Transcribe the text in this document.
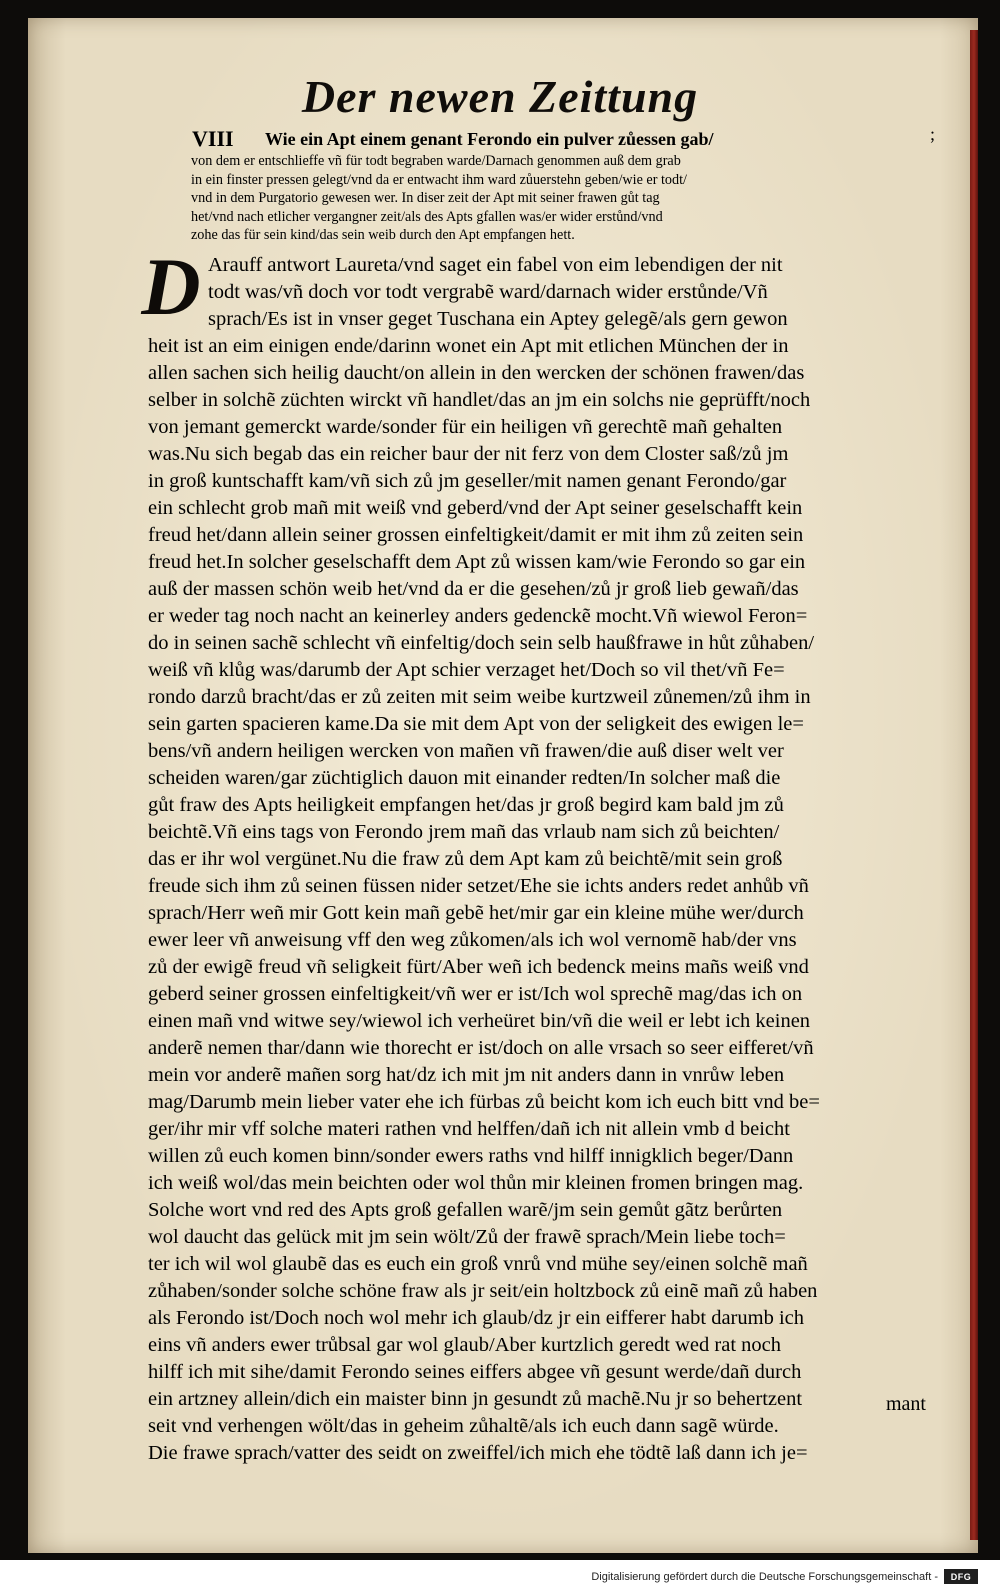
Der newen Zeittung
;
VIII	Wie ein Apt einem genant Ferondo ein pulver zůessen gab/
von dem er entschlieffe vñ für todt begraben warde/Darnach genommen auß dem grab
in ein finster pressen gelegt/vnd da er entwacht ihm ward zůuerstehn geben/wie er todt/
vnd in dem Purgatorio gewesen wer. In diser zeit der Apt mit seiner frawen gůt tag
het/vnd nach etlicher vergangner zeit/als des Apts gfallen was/er wider erstůnd/vnd
zohe das für sein kind/das sein weib durch den Apt empfangen hett.
D Arauff antwort Laureta/vnd saget ein fabel von eim lebendigen der nit
todt was/vñ doch vor todt vergrabẽ ward/darnach wider erstůnde/Vñ
sprach/Es ist in vnser geget Tuschana ein Aptey gelegẽ/als gern gewon
heit ist an eim einigen ende/darinn wonet ein Apt mit etlichen München der in
allen sachen sich heilig daucht/on allein in den wercken der schönen frawen/das
selber in solchẽ züchten wirckt vñ handlet/das an jm ein solchs nie geprüfft/noch
von jemant gemerckt warde/sonder für ein heiligen vñ gerechtẽ mañ gehalten
was.Nu sich begab das ein reicher baur der nit ferz von dem Closter saß/zů jm
in groß kuntschafft kam/vñ sich zů jm geseller/mit namen genant Ferondo/gar
ein schlecht grob mañ mit weiß vnd geberd/vnd der Apt seiner geselschafft kein
freud het/dann allein seiner grossen einfeltigkeit/damit er mit ihm zů zeiten sein
freud het.In solcher geselschafft dem Apt zů wissen kam/wie Ferondo so gar ein
auß der massen schön weib het/vnd da er die gesehen/zů jr groß lieb gewañ/das
er weder tag noch nacht an keinerley anders gedenckẽ mocht.Vñ wiewol Feron=
do in seinen sachẽ schlecht vñ einfeltig/doch sein selb haußfrawe in hůt zůhaben/
weiß vñ klůg was/darumb der Apt schier verzaget het/Doch so vil thet/vñ Fe=
rondo darzů bracht/das er zů zeiten mit seim weibe kurtzweil zůnemen/zů ihm in
sein garten spacieren kame.Da sie mit dem Apt von der seligkeit des ewigen le=
bens/vñ andern heiligen wercken von mañen vñ frawen/die auß diser welt ver
scheiden waren/gar züchtiglich dauon mit einander redten/In solcher maß die
gůt fraw des Apts heiligkeit empfangen het/das jr groß begird kam bald jm zů
beichtẽ.Vñ eins tags von Ferondo jrem mañ das vrlaub nam sich zů beichten/
das er ihr wol vergünet.Nu die fraw zů dem Apt kam zů beichtẽ/mit sein groß
freude sich ihm zů seinen füssen nider setzet/Ehe sie ichts anders redet anhůb vñ
sprach/Herr weñ mir Gott kein mañ gebẽ het/mir gar ein kleine mühe wer/durch
ewer leer vñ anweisung vff den weg zůkomen/als ich wol vernomẽ hab/der vns
zů der ewigẽ freud vñ seligkeit fürt/Aber weñ ich bedenck meins mañs weiß vnd
geberd seiner grossen einfeltigkeit/vñ wer er ist/Ich wol sprechẽ mag/das ich on
einen mañ vnd witwe sey/wiewol ich verheüret bin/vñ die weil er lebt ich keinen
anderẽ nemen thar/dann wie thorecht er ist/doch on alle vrsach so seer eifferet/vñ
mein vor anderẽ mañen sorg hat/dz ich mit jm nit anders dann in vnrůw leben
mag/Darumb mein lieber vater ehe ich fürbas zů beicht kom ich euch bitt vnd be=
ger/ihr mir vff solche materi rathen vnd helffen/dañ ich nit allein vmb d beicht
willen zů euch komen binn/sonder ewers raths vnd hilff innigklich beger/Dann
ich weiß wol/das mein beichten oder wol thůn mir kleinen fromen bringen mag.
Solche wort vnd red des Apts groß gefallen warẽ/jm sein gemůt gãtz berůrten
wol daucht das gelück mit jm sein wölt/Zů der frawẽ sprach/Mein liebe toch=
ter ich wil wol glaubẽ das es euch ein groß vnrů vnd mühe sey/einen solchẽ mañ
zůhaben/sonder solche schöne fraw als jr seit/ein holtzbock zů einẽ mañ zů haben
als Ferondo ist/Doch noch wol mehr ich glaub/dz jr ein eifferer habt darumb ich
eins vñ anders ewer trůbsal gar wol glaub/Aber kurtzlich geredt wed rat noch
hilff ich mit sihe/damit Ferondo seines eiffers abgee vñ gesunt werde/dañ durch
ein artzney allein/dich ein maister binn jn gesundt zů machẽ.Nu jr so behertzent
seit vnd verhengen wölt/das in geheim zůhaltẽ/als ich euch dann sagẽ würde.
Die frawe sprach/vatter des seidt on zweiffel/ich mich ehe tödtẽ laß dann ich je=
mant
Digitalisierung gefördert durch die Deutsche Forschungsgemeinschaft -	DFG
